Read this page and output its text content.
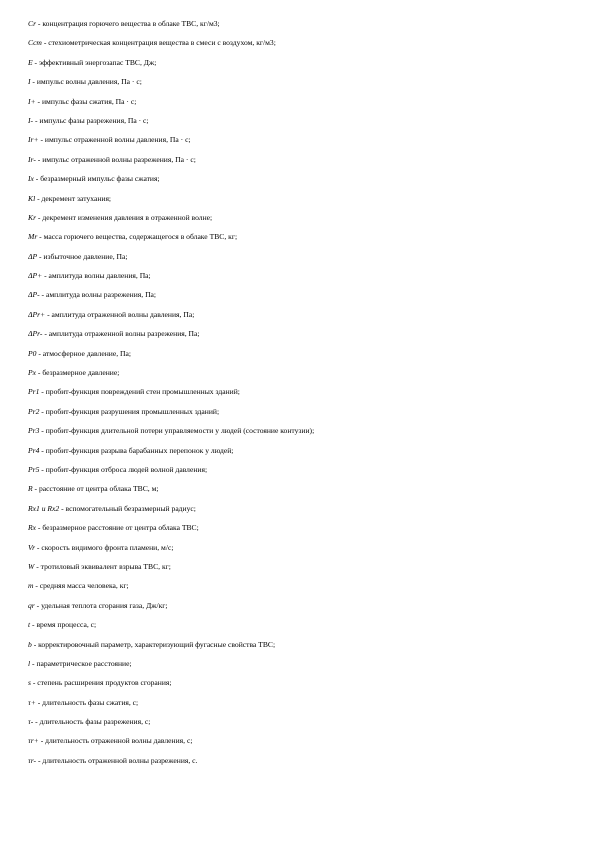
Cr - концентрация горючего вещества в облаке ТВС, кг/м3;
Ccт - стехиометрическая концентрация вещества в смеси с воздухом, кг/м3;
E - эффективный энергозапас ТВС, Дж;
I - импульс волны давления, Па · с;
I+ - импульс фазы сжатия, Па · с;
I- - импульс фазы разрежения, Па · с;
Ir+ - импульс отраженной волны давления, Па · с;
Ir- - импульс отраженной волны разрежения, Па · с;
Ix - безразмерный импульс фазы сжатия;
Kl - декремент затухания;
Kr - декремент изменения давления в отраженной волне;
Mr - масса горючего вещества, содержащегося в облаке ТВС, кг;
ΔP - избыточное давление, Па;
ΔP+ - амплитуда волны давления, Па;
ΔP- - амплитуда волны разрежения, Па;
ΔPr+ - амплитуда отраженной волны давления, Па;
ΔPr- - амплитуда отраженной волны разрежения, Па;
P0 - атмосферное давление, Па;
Px - безразмерное давление;
Pr1 - пробит-функция повреждений стен промышленных зданий;
Pr2 - пробит-функция разрушения промышленных зданий;
Pr3 - пробит-функция длительной потери управляемости у людей (состояние контузии);
Pr4 - пробит-функция разрыва барабанных перепонок у людей;
Pr5 - пробит-функция отброса людей волной давления;
R - расстояние от центра облака ТВС, м;
Rx1 и Rx2 - вспомогательный безразмерный радиус;
Rx - безразмерное расстояние от центра облака ТВС;
Vr - скорость видимого фронта пламени, м/с;
W - тротиловый эквивалент взрыва ТВС, кг;
m - средняя масса человека, кг;
qr - удельная теплота сгорания газа, Дж/кг;
t - время процесса, с;
b - корректировочный параметр, характеризующий фугасные свойства ТВС;
l - параметрическое расстояние;
s - степень расширения продуктов сгорания;
τ+ - длительность фазы сжатия, с;
τ- - длительность фазы разрежения, с;
τr+ - длительность отраженной волны давления, с;
τr- - длительность отраженной волны разрежения, с.
